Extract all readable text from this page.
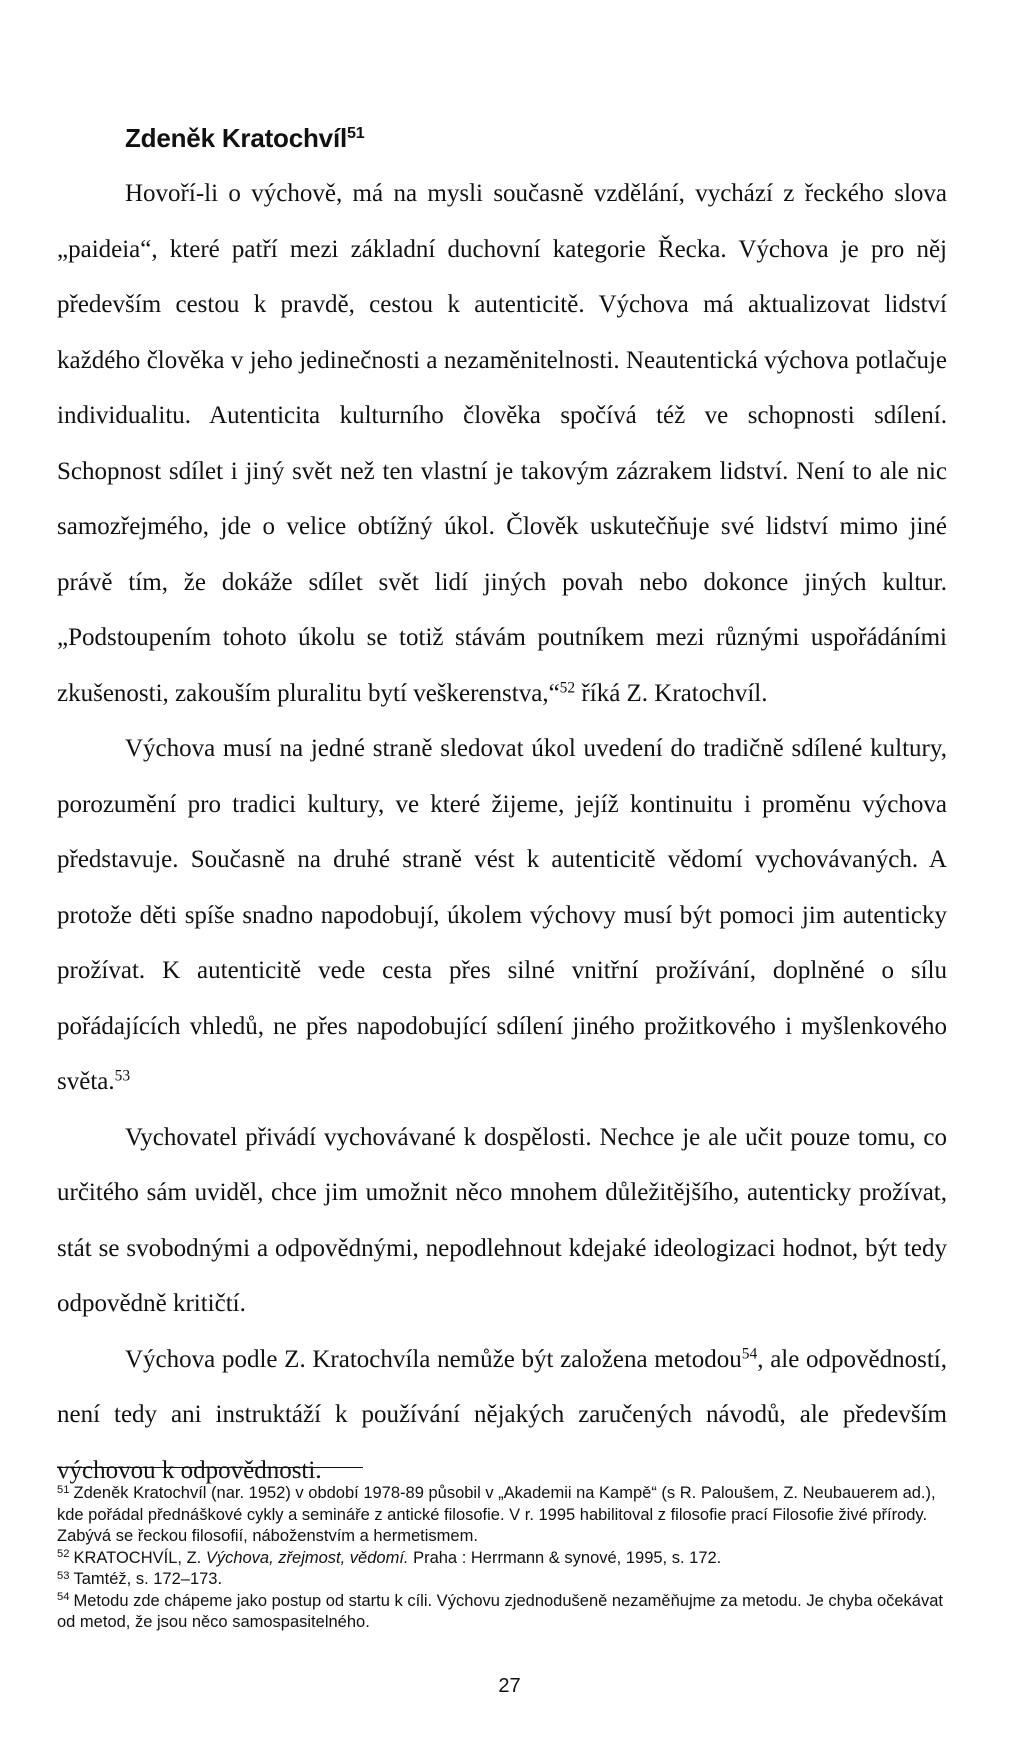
Zdeněk Kratochvíl$^{51}$

Hovoří-li o výchově, má na mysli současně vzdělání, vychází z řeckého slova „paideia“, které patří mezi základní duchovní kategorie Řecka. Výchova je pro něj především cestou k pravdě, cestou k autenticitě. Výchova má aktualizovat lidství každého člověka v jeho jedinečnosti a nezaměnitelnosti. Neautentická výchova potlačuje individualitu. Autenticita kulturního člověka spočívá též ve schopnosti sdílení. Schopnost sdílet i jiný svět než ten vlastní je takovým zázrakem lidství. Není to ale nic samozřejmého, jde o velice obtížný úkol. Člověk uskutečňuje své lidství mimo jiné právě tím, že dokáže sdílet svět lidí jiných povah nebo dokonce jiných kultur. „Podstoupením tohoto úkolu se totiž stávám poutníkem mezi různými uspořádáními zkušenosti, zakouším pluralitu bytí veškerenstva,“$^{52}$ říká Z. Kratochvíl.

Výchova musí na jedné straně sledovat úkol uvedení do tradičně sdílené kultury, porozumění pro tradici kultury, ve které žijeme, jejíž kontinuitu i proměnu výchova představuje. Současně na druhé straně vést k autenticitě vědomí vychovávaných. A protože děti spíše snadno napodobují, úkolem výchovy musí být pomoci jim autenticky prožívat. K autenticitě vede cesta přes silné vnitřní prožívání, doplněné o sílu pořádajících vhledů, ne přes napodobující sdílení jiného prožitkového i myšlenkového světa.$^{53}$

Vychovatel přivádí vychovávané k dospělosti. Nechce je ale učit pouze tomu, co určitého sám uviděl, chce jim umožnit něco mnohem důležitějšího, autenticky prožívat, stát se svobodnými a odpovědnými, nepodlehnout kdejaké ideologizaci hodnot, být tedy odpovědně kritičtí.

Výchova podle Z. Kratochvíla nemůže být založena metodou$^{54}$, ale odpovědností, není tedy ani instruktáží k používání nějakých zaručených návodů, ale především výchovou k odpovědnosti.

$^{51}$ Zdeněk Kratochvíl (nar. 1952) v období 1978-89 působil v „Akademii na Kampě“ (s R. Paloušem, Z. Neubauerem ad.), kde pořádal přednáškové cykly a semináře z antické filosofie. V r. 1995 habilitoval z filosofie prací Filosofie živé přírody. Zabývá se řeckou filosofií, náboženstvím a hermetismem.

$^{52}$ KRATOCHVÍL, Z. Výchova, zřejmost, vědomí. Praha : Herrmann & synové, 1995, s. 172.

$^{53}$ Tamtéž, s. 172–173.

$^{54}$ Metodu zde chápeme jako postup od startu k cíli. Výchovu zjednodušeně nezaměňujme za metodu. Je chyba očekávat od metod, že jsou něco samospasitelného.

27
